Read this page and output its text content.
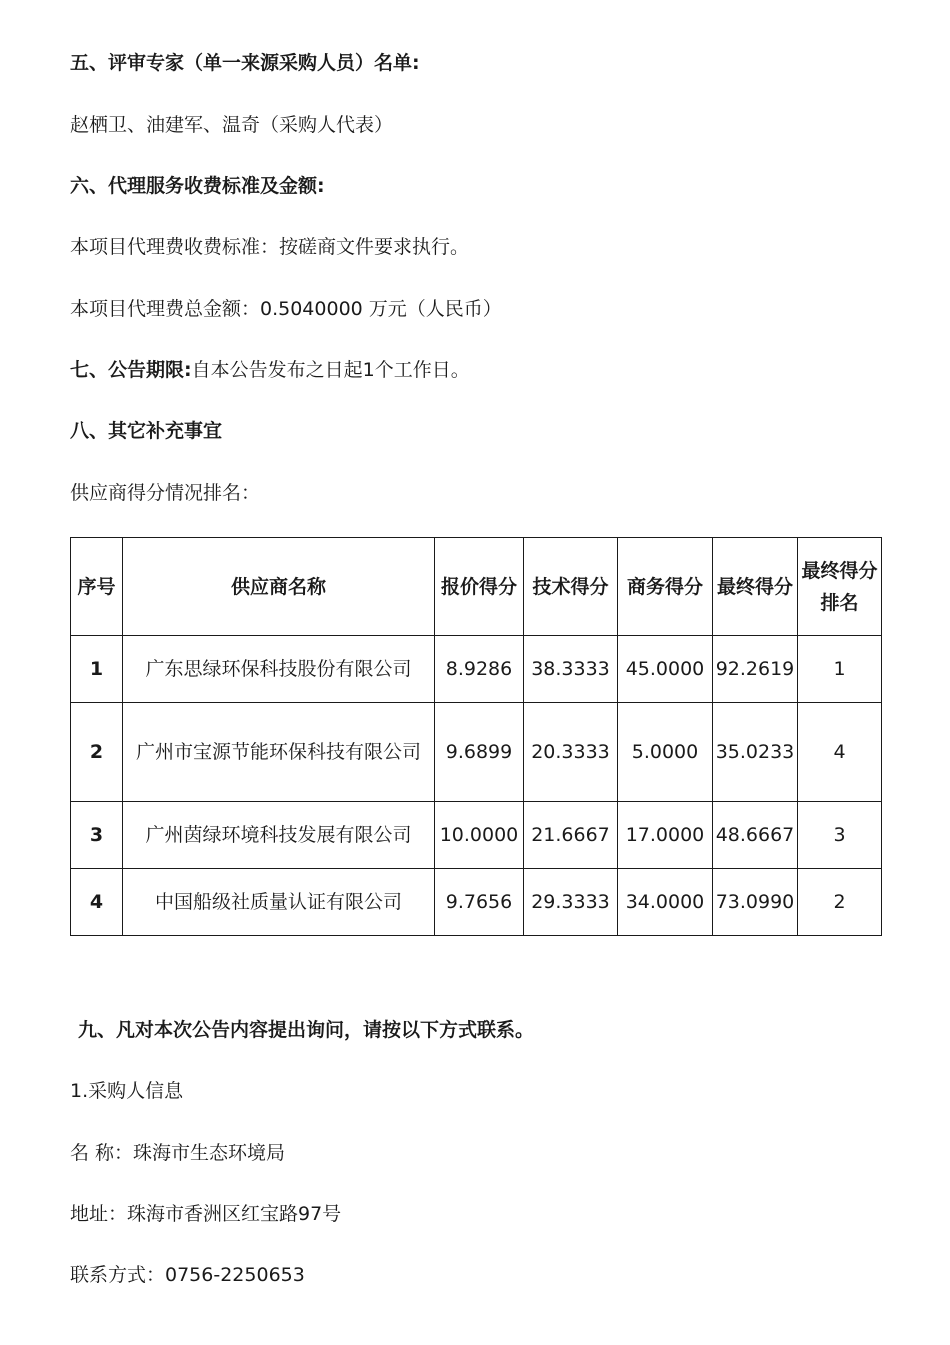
五、评审专家（单一来源采购人员）名单:
赵栖卫、油建军、温奇（采购人代表）
六、代理服务收费标准及金额:
本项目代理费收费标准：按磋商文件要求执行。
本项目代理费总金额：0.5040000 万元（人民币）
七、公告期限:自本公告发布之日起1个工作日。
八、其它补充事宜
供应商得分情况排名：
序号	供应商名称	报价得分	技术得分	商务得分	最终得分	最终得分排名
1	广东思绿环保科技股份有限公司	8.9286	38.3333	45.0000	92.2619	1
2	广州市宝源节能环保科技有限公司	9.6899	20.3333	5.0000	35.0233	4
3	广州茵绿环境科技发展有限公司	10.0000	21.6667	17.0000	48.6667	3
4	中国船级社质量认证有限公司	9.7656	29.3333	34.0000	73.0990	2
九、凡对本次公告内容提出询问，请按以下方式联系。
1.采购人信息
名 称：珠海市生态环境局
地址：珠海市香洲区红宝路97号
联系方式：0756-2250653
